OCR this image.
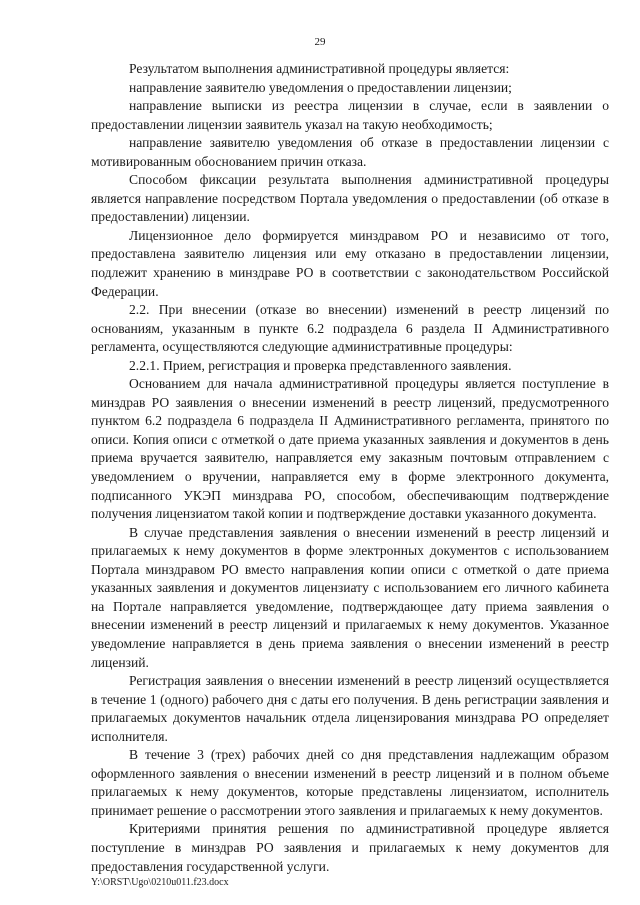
29

Результатом выполнения административной процедуры является:

направление заявителю уведомления о предоставлении лицензии;

направление выписки из реестра лицензии в случае, если в заявлении о предоставлении лицензии заявитель указал на такую необходимость;

направление заявителю уведомления об отказе в предоставлении лицензии с мотивированным обоснованием причин отказа.

Способом фиксации результата выполнения административной процедуры является направление посредством Портала уведомления о предоставлении (об отказе в предоставлении) лицензии.

Лицензионное дело формируется минздравом РО и независимо от того, предоставлена заявителю лицензия или ему отказано в предоставлении лицензии, подлежит хранению в минздраве РО в соответствии с законодательством Российской Федерации.

2.2. При внесении (отказе во внесении) изменений в реестр лицензий по основаниям, указанным в пункте 6.2 подраздела 6 раздела II Административного регламента, осуществляются следующие административные процедуры:

2.2.1. Прием, регистрация и проверка представленного заявления.

Основанием для начала административной процедуры является поступление в минздрав РО заявления о внесении изменений в реестр лицензий, предусмотренного пунктом 6.2 подраздела 6 подраздела II Административного регламента, принятого по описи. Копия описи с отметкой о дате приема указанных заявления и документов в день приема вручается заявителю, направляется ему заказным почтовым отправлением с уведомлением о вручении, направляется ему в форме электронного документа, подписанного УКЭП минздрава РО, способом, обеспечивающим подтверждение получения лицензиатом такой копии и подтверждение доставки указанного документа.

В случае представления заявления о внесении изменений в реестр лицензий и прилагаемых к нему документов в форме электронных документов с использованием Портала минздравом РО вместо направления копии описи с отметкой о дате приема указанных заявления и документов лицензиату с использованием его личного кабинета на Портале направляется уведомление, подтверждающее дату приема заявления о внесении изменений в реестр лицензий и прилагаемых к нему документов. Указанное уведомление направляется в день приема заявления о внесении изменений в реестр лицензий.

Регистрация заявления о внесении изменений в реестр лицензий осуществляется в течение 1 (одного) рабочего дня с даты его получения. В день регистрации заявления и прилагаемых документов начальник отдела лицензирования минздрава РО определяет исполнителя.

В течение 3 (трех) рабочих дней со дня представления надлежащим образом оформленного заявления о внесении изменений в реестр лицензий и в полном объеме прилагаемых к нему документов, которые представлены лицензиатом, исполнитель принимает решение о рассмотрении этого заявления и прилагаемых к нему документов.

Критериями принятия решения по административной процедуре является поступление в минздрав РО заявления и прилагаемых к нему документов для предоставления государственной услуги.

Y:\ORST\Ugo\0210u011.f23.docx
